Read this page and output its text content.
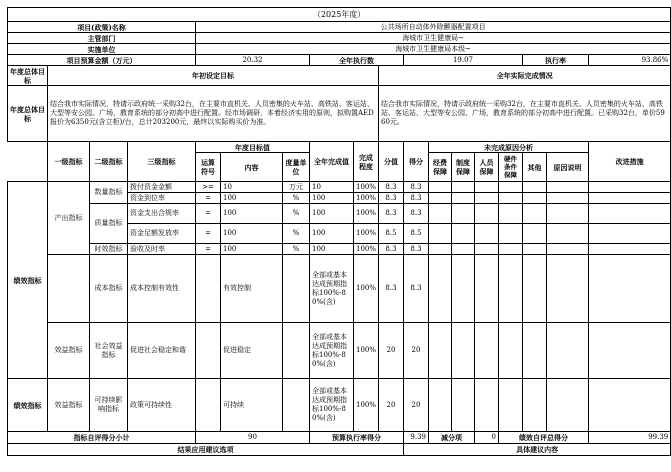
（2025年度）																	
项目(政策)名称				公共场所自动体外除颤器配置项目													
主管部门				海城市卫生健康局~													
实施单位				海城市卫生健康局本级~													
项目预算金额（万元）				20.32			全年执行数			19.07					执行率		93.86%
年度总体目标	年初设定目标								全年实际完成情况								
年度总体目标	结合我市实际情况，特请示政府统一采购32台，在主要市直机关、人员密集的火车站、高铁站、客运站、大型等安公园、广场，教育系统的部分初高中进行配置。经市场调研，本着经济实用的原则，拟购置AED报价为6350元(含立柜)/台，总计203200元，最终以实际购买价为准。								结合我市实际情况，特请示政府统一采购32台，在主要市直机关、人员密集的火车站、高铁站、客运站、大型等安公园、广场，教育系统的部分初高中进行配置。已采购32台，单价5960元。								
	一级指标	二级指标	三级指标	年度目标值			全年完成值	完成程度	分值	得分	未完成原因分析						改进措施
				运算符号	内容	度量单位					经费保障	制度保障	人员保障	硬件条件保障	其他	原因说明	

绩效指标	产出指标	数量指标	拨付资金金额	>=	10	万元	10	100%	8.3	8.3							
			资金到位率	=	100	%	100	100%	8.3	8.3							
		质量指标	资金支出合规率	=	100	%	100	100%	8.3	8.3							
			资金足额发放率	=	100	%	100	100%	8.5	8.5							
		时效指标	验收及时率	=	100	%	100	100%	8.3	8.3							
		成本指标	成本控制有效性		有效控制		全部或基本达成预期指标100%-80%(含)	100%	8.3	8.3							
	效益指标	社会效益指标	促进社会稳定和谐		促进稳定		全部或基本达成预期指标100%-80%(含)	100%	20	20							
绩效指标	效益指标	可持续影响指标	政策可持续性		可持续		全部或基本达成预期指标100%-80%(含)	100%	20	20							
指标自评得分小计				90			预算执行率得分			9.39	减分项		0	绩效自评总得分			99.39
结果应用建议选项										具体建议内容							
